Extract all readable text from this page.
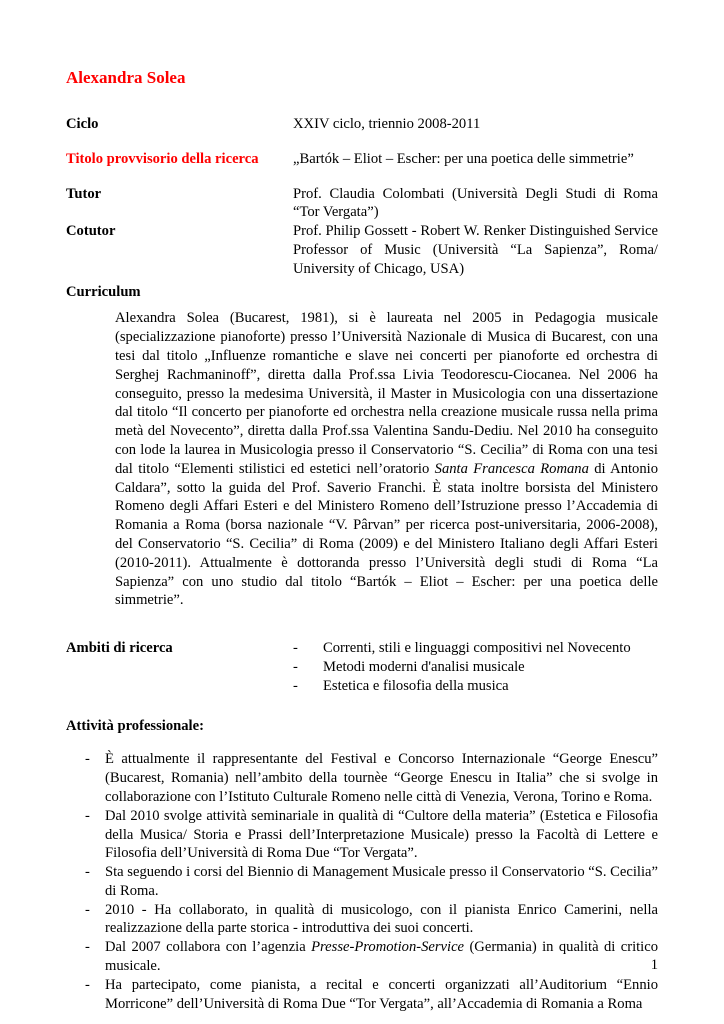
Alexandra Solea
Ciclo	XXIV ciclo, triennio 2008-2011
Titolo provvisorio della ricerca	„Bartók – Eliot – Escher: per una poetica delle simmetrie”
Tutor	Prof. Claudia Colombati (Università Degli Studi di Roma “Tor Vergata”)
Cotutor	Prof. Philip Gossett - Robert W. Renker Distinguished Service Professor of Music (Università “La Sapienza”, Roma/ University of Chicago, USA)
Curriculum
Alexandra Solea (Bucarest, 1981), si è laureata nel 2005 in Pedagogia musicale (specializzazione pianoforte) presso l’Università Nazionale di Musica di Bucarest, con una tesi dal titolo „Influenze romantiche e slave nei concerti per pianoforte ed orchestra di Serghej Rachmaninoff”, diretta dalla Prof.ssa Livia Teodorescu-Ciocanea. Nel 2006 ha conseguito, presso la medesima Università, il Master in Musicologia con una dissertazione dal titolo “Il concerto per pianoforte ed orchestra nella creazione musicale russa nella prima metà del Novecento”, diretta dalla Prof.ssa Valentina Sandu-Dediu. Nel 2010 ha conseguito con lode la laurea in Musicologia presso il Conservatorio “S. Cecilia” di Roma con una tesi dal titolo “Elementi stilistici ed estetici nell’oratorio Santa Francesca Romana di Antonio Caldara”, sotto la guida del Prof. Saverio Franchi. È stata inoltre borsista del Ministero Romeno degli Affari Esteri e del Ministero Romeno dell’Istruzione presso l’Accademia di Romania a Roma (borsa nazionale “V. Pârvan” per ricerca post-universitaria, 2006-2008), del Conservatorio “S. Cecilia” di Roma (2009) e del Ministero Italiano degli Affari Esteri (2010-2011). Attualmente è dottoranda presso l’Università degli studi di Roma “La Sapienza” con uno studio dal titolo “Bartók – Eliot – Escher: per una poetica delle simmetrie”.
Ambiti di ricerca	-	Correnti, stili e linguaggi compositivi nel Novecento
-	Metodi moderni d'analisi musicale
-	Estetica e filosofia della musica
Attività professionale:
-	È attualmente il rappresentante del Festival e Concorso Internazionale “George Enescu” (Bucarest, Romania) nell’ambito della tournèe “George Enescu in Italia” che si svolge in collaborazione con l’Istituto Culturale Romeno nelle città di Venezia, Verona, Torino e Roma.
-	Dal 2010 svolge attività seminariale in qualità di “Cultore della materia” (Estetica e Filosofia della Musica/ Storia e Prassi dell’Interpretazione Musicale) presso la Facoltà di Lettere e Filosofia dell’Università di Roma Due “Tor Vergata”.
-	Sta seguendo i corsi del Biennio di Management Musicale presso il Conservatorio “S. Cecilia” di Roma.
-	2010 - Ha collaborato, in qualità di musicologo, con il pianista Enrico Camerini, nella realizzazione della parte storica - introduttiva dei suoi concerti.
-	Dal 2007 collabora con l’agenzia Presse-Promotion-Service (Germania) in qualità di critico musicale.
-	Ha partecipato, come pianista, a recital e concerti organizzati all’Auditorium “Ennio Morricone” dell’Università di Roma Due “Tor Vergata”, all’Accademia di Romania a Roma
1
